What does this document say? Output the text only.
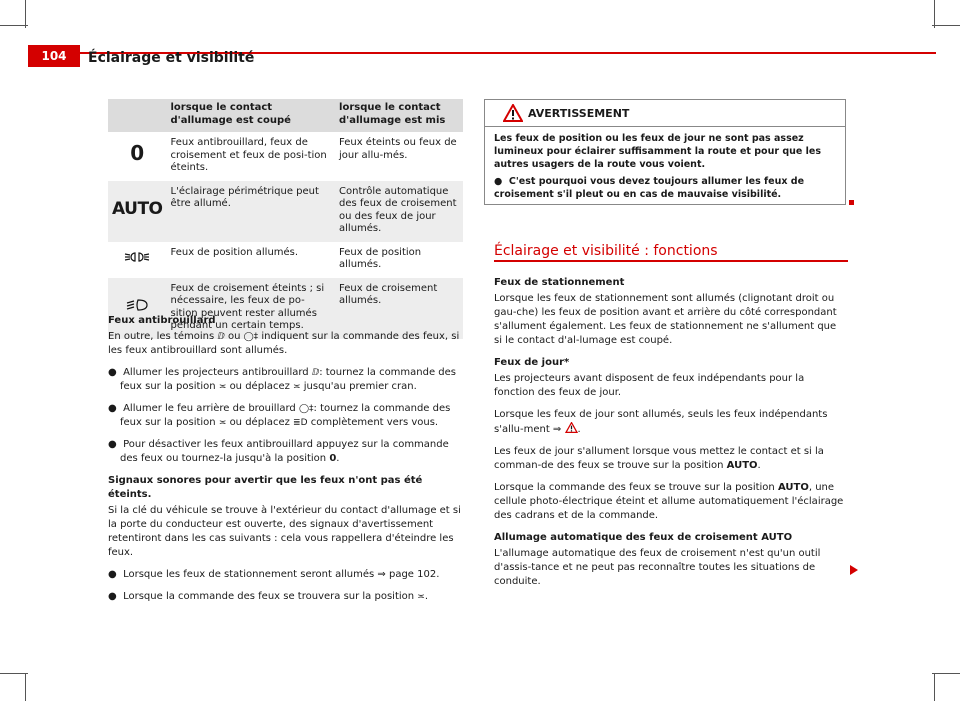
104	Éclairage et visibilité
	lorsque le contact d'allumage est coupé	lorsque le contact d'allumage est mis
0	Feux antibrouillard, feux de croisement et feux de posi-tion éteints.	Feux éteints ou feux de jour allu-més.
AUTO	L'éclairage périmétrique peut être allumé.	Contrôle automatique des feux de croisement ou des feux de jour allumés.
	Feux de position allumés.	Feux de position allumés.
	Feux de croisement éteints ; si nécessaire, les feux de po-sition peuvent rester allumés pendant un certain temps.	Feux de croisement allumés.

Feux antibrouillard

En outre, les témoins ⅅ ou ◯‡ indiquent sur la commande des feux, si les feux antibrouillard sont allumés.

●  Allumer les projecteurs antibrouillard ⅅ: tournez la commande des feux sur la position ≍ ou déplacez ≍ jusqu'au premier cran.

●  Allumer le feu arrière de brouillard ◯‡: tournez la commande des feux sur la position ≍ ou déplacez ≣D complètement vers vous.

●  Pour désactiver les feux antibrouillard appuyez sur la commande des feux ou tournez-la jusqu'à la position 0.

Signaux sonores pour avertir que les feux n'ont pas été éteints.

Si la clé du véhicule se trouve à l'extérieur du contact d'allumage et si la porte du conducteur est ouverte, des signaux d'avertissement retentiront dans les cas suivants : cela vous rappellera d'éteindre les feux.

●  Lorsque les feux de stationnement seront allumés ⇒ page 102.

●  Lorsque la commande des feux se trouvera sur la position ≍.

AVERTISSEMENT

Les feux de position ou les feux de jour ne sont pas assez lumineux pour éclairer suffisamment la route et pour que les autres usagers de la route vous voient.

●  C'est pourquoi vous devez toujours allumer les feux de croisement s'il pleut ou en cas de mauvaise visibilité.

Éclairage et visibilité : fonctions

Feux de stationnement

Lorsque les feux de stationnement sont allumés (clignotant droit ou gau-che) les feux de position avant et arrière du côté correspondant s'allument également. Les feux de stationnement ne s'allument que si le contact d'al-lumage est coupé.

Feux de jour*

Les projecteurs avant disposent de feux indépendants pour la fonction des feux de jour.

Lorsque les feux de jour sont allumés, seuls les feux indépendants s'allu-ment ⇒ .

Les feux de jour s'allument lorsque vous mettez le contact et si la comman-de des feux se trouve sur la position AUTO.

Lorsque la commande des feux se trouve sur la position AUTO, une cellule photo-électrique éteint et allume automatiquement l'éclairage des cadrans et de la commande.

Allumage automatique des feux de croisement AUTO

L'allumage automatique des feux de croisement n'est qu'un outil d'assis-tance et ne peut pas reconnaître toutes les situations de conduite.
